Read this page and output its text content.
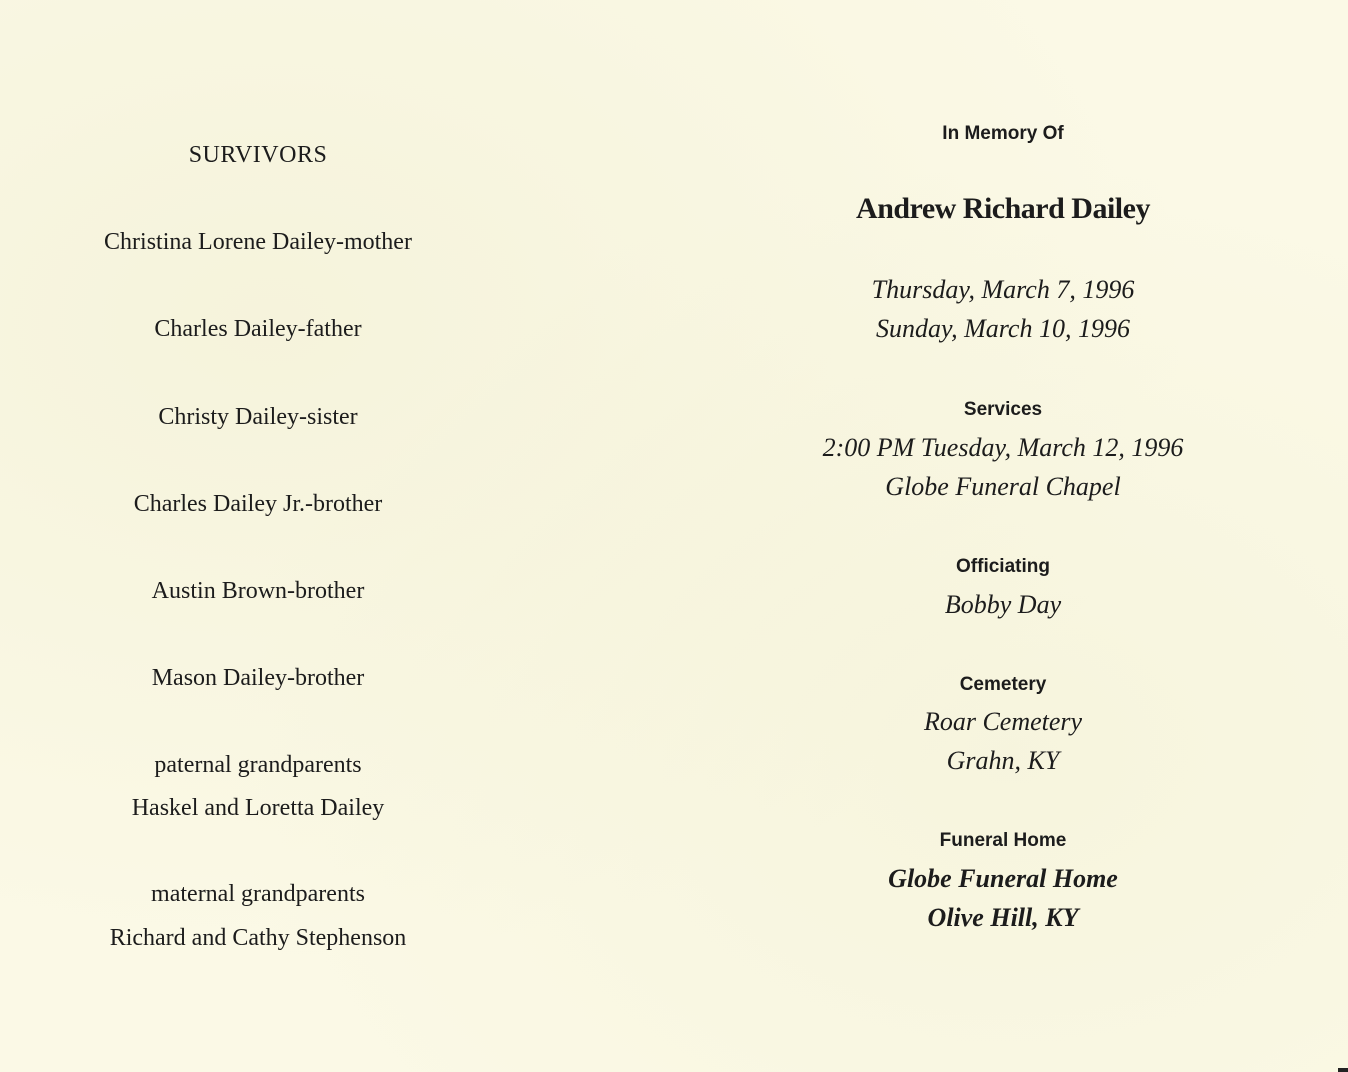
SURVIVORS
Christina Lorene Dailey-mother
Charles Dailey-father
Christy Dailey-sister
Charles Dailey Jr.-brother
Austin Brown-brother
Mason Dailey-brother
paternal grandparents
Haskel and Loretta Dailey
maternal grandparents
Richard and Cathy Stephenson
In Memory Of
Andrew Richard Dailey
Thursday, March 7, 1996
Sunday, March 10, 1996
Services
2:00 PM Tuesday, March 12, 1996
Globe Funeral Chapel
Officiating
Bobby Day
Cemetery
Roar Cemetery
Grahn, KY
Funeral Home
Globe Funeral Home
Olive Hill, KY
